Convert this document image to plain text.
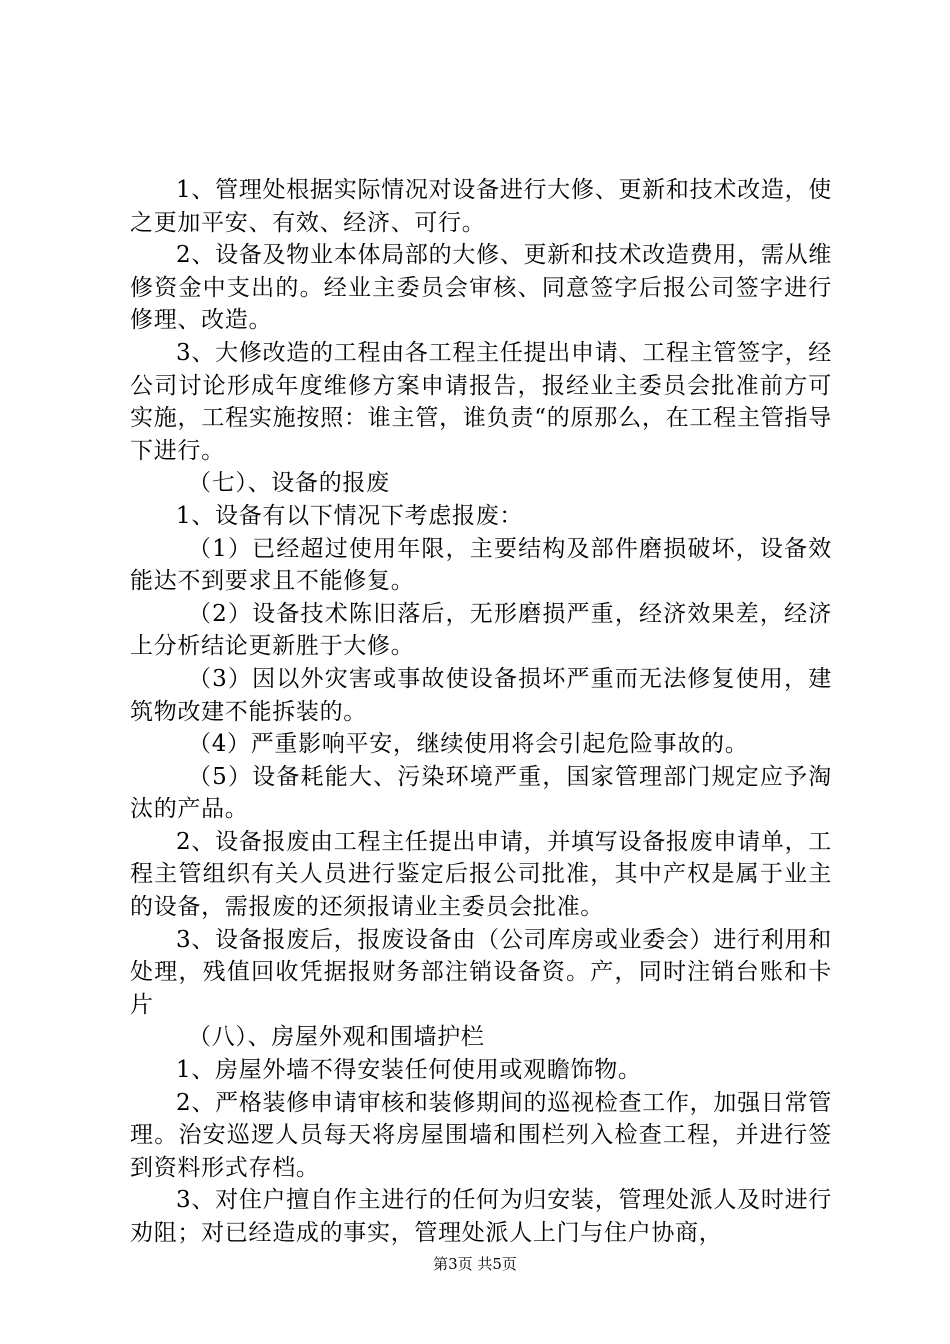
1、管理处根据实际情况对设备进行大修、更新和技术改造，使之更加平安、有效、经济、可行。

2、设备及物业本体局部的大修、更新和技术改造费用，需从维修资金中支出的。经业主委员会审核、同意签字后报公司签字进行修理、改造。

3、大修改造的工程由各工程主任提出申请、工程主管签字，经公司讨论形成年度维修方案申请报告，报经业主委员会批准前方可实施，工程实施按照：谁主管，谁负责“的原那么，在工程主管指导下进行。

（七）、设备的报废

1、设备有以下情况下考虑报废：

（1）已经超过使用年限，主要结构及部件磨损破坏，设备效能达不到要求且不能修复。

（2）设备技术陈旧落后，无形磨损严重，经济效果差，经济上分析结论更新胜于大修。

（3）因以外灾害或事故使设备损坏严重而无法修复使用，建筑物改建不能拆装的。

（4）严重影响平安，继续使用将会引起危险事故的。

（5）设备耗能大、污染环境严重，国家管理部门规定应予淘汰的产品。

2、设备报废由工程主任提出申请，并填写设备报废申请单，工程主管组织有关人员进行鉴定后报公司批准，其中产权是属于业主的设备，需报废的还须报请业主委员会批准。

3、设备报废后，报废设备由（公司库房或业委会）进行利用和处理，残值回收凭据报财务部注销设备资。产，同时注销台账和卡片

（八）、房屋外观和围墙护栏

1、房屋外墙不得安装任何使用或观瞻饰物。

2、严格装修申请审核和装修期间的巡视检查工作，加强日常管理。治安巡逻人员每天将房屋围墙和围栏列入检查工程，并进行签到资料形式存档。

3、对住户擅自作主进行的任何为归安装，管理处派人及时进行劝阻；对已经造成的事实，管理处派人上门与住户协商，

第3页 共5页
